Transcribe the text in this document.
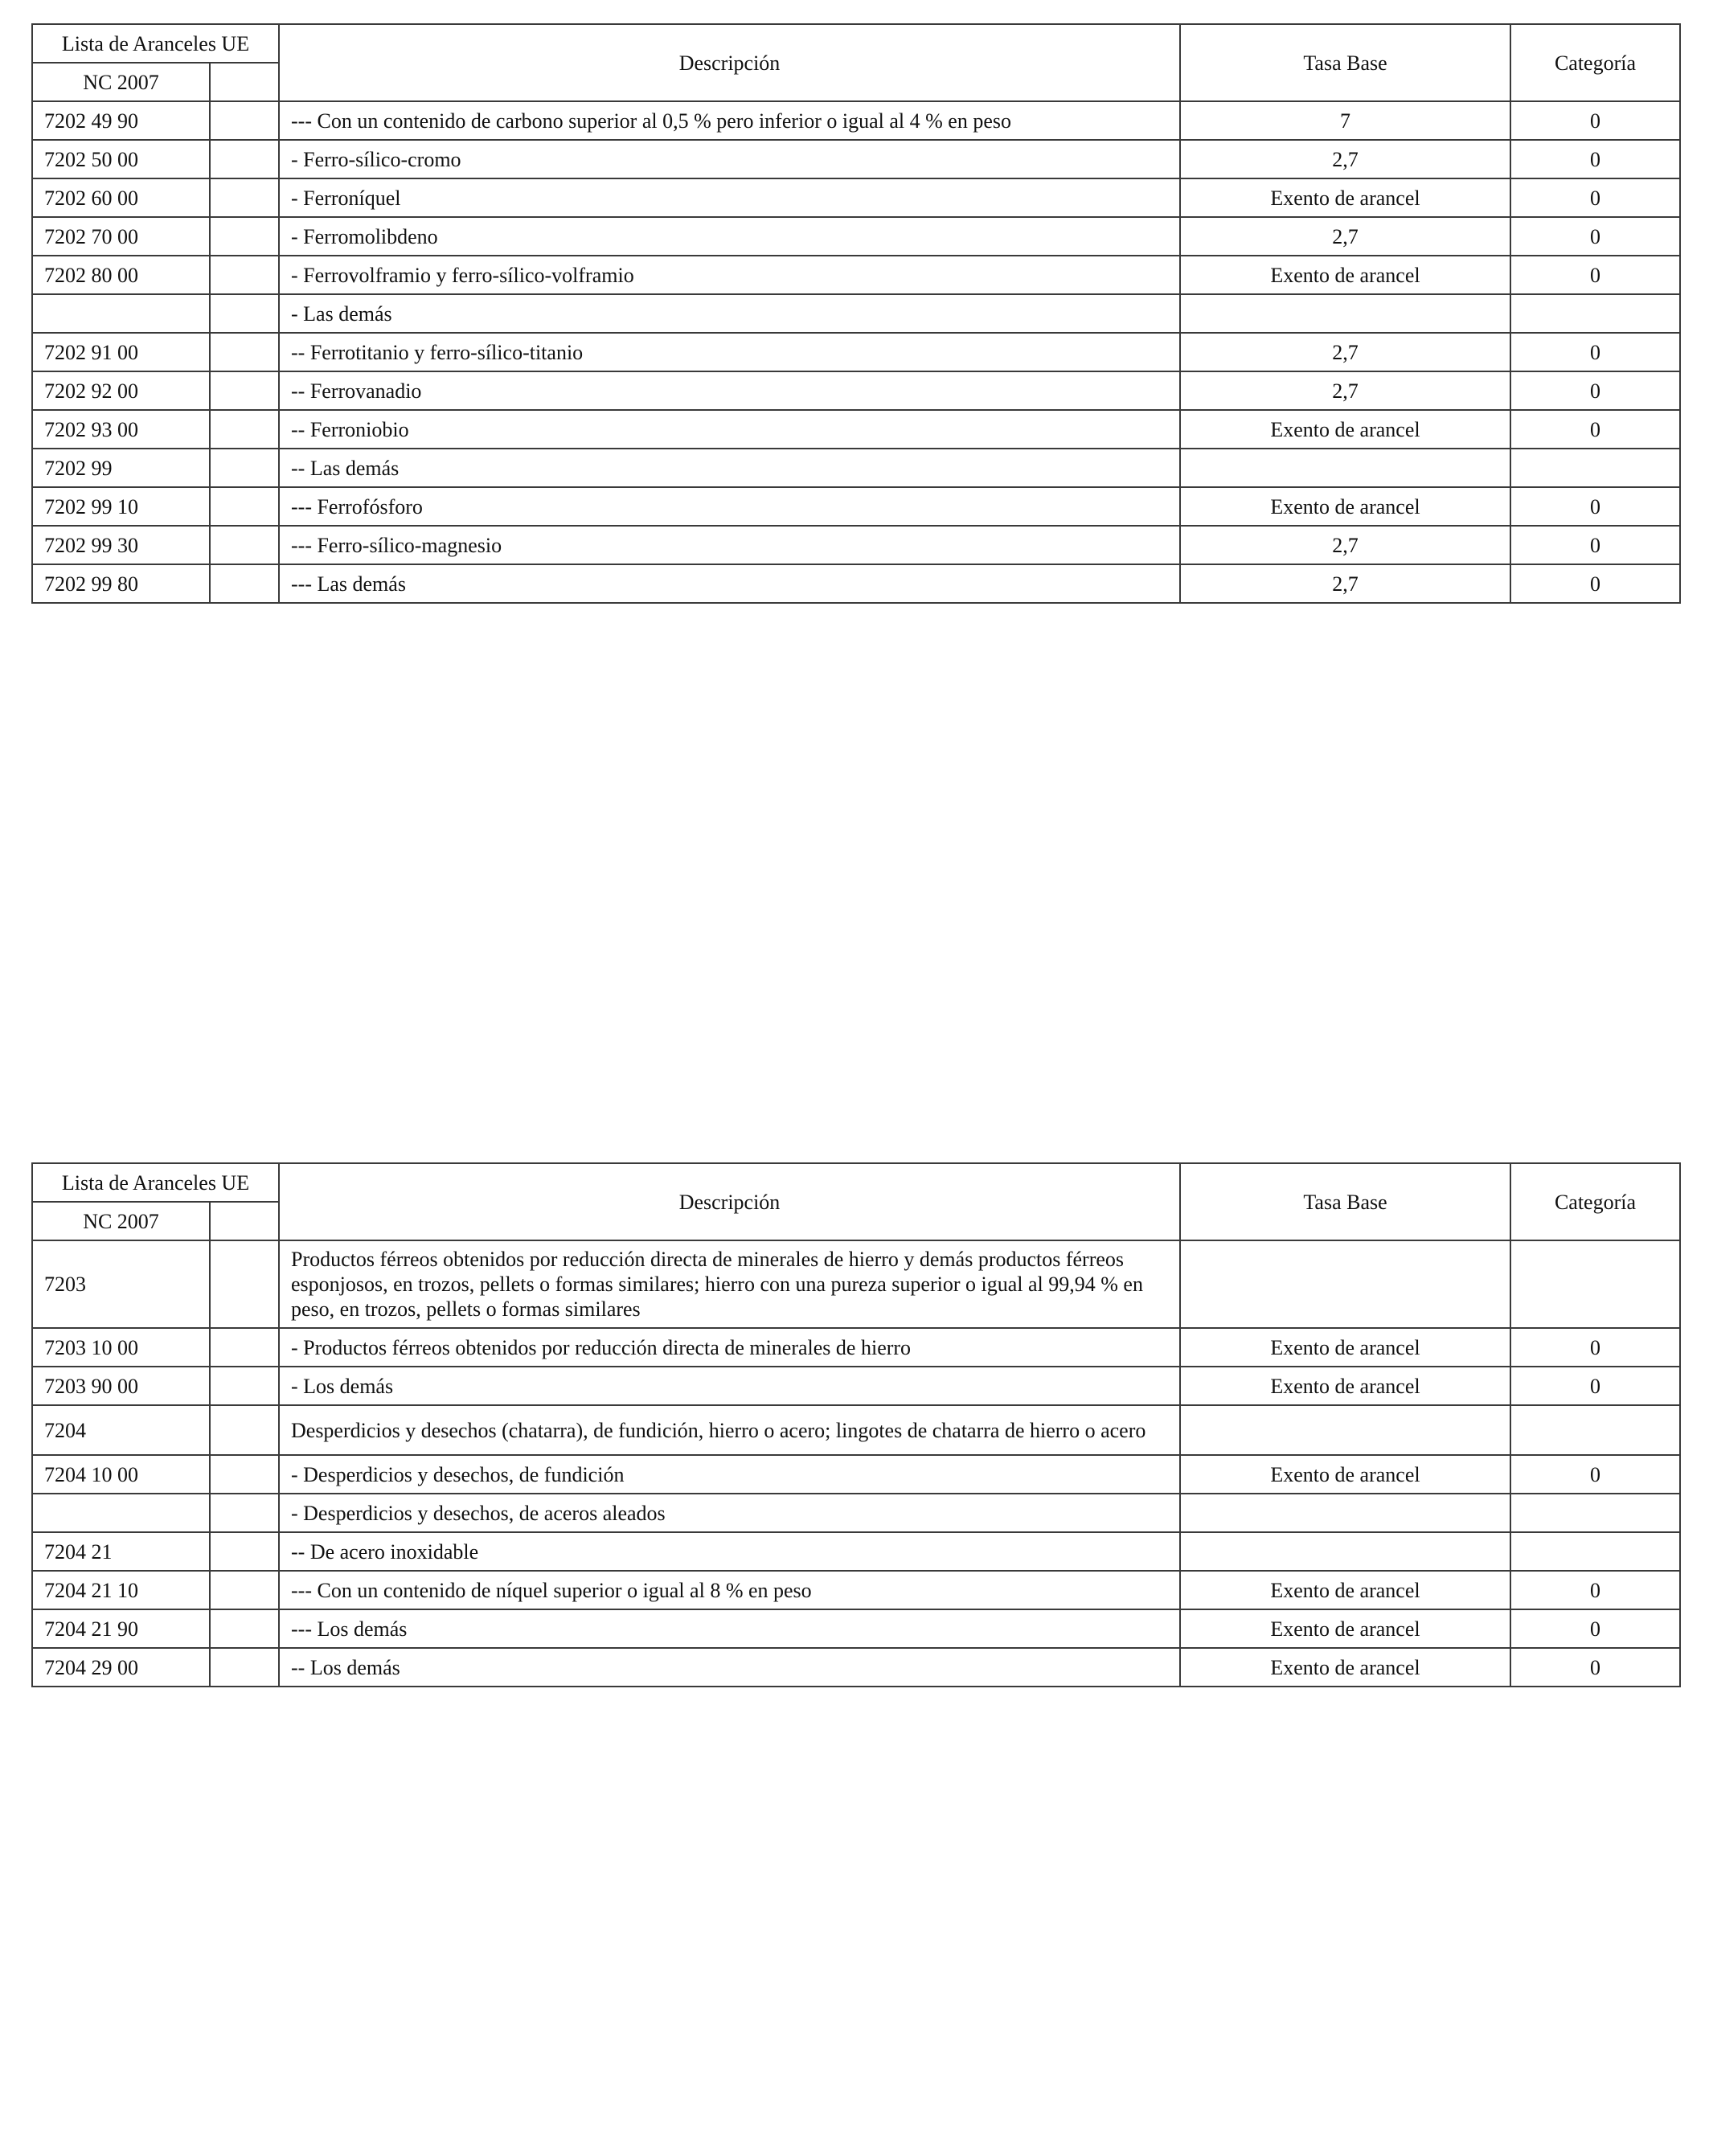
Lista de Aranceles UE		Descripción	Tasa Base	Categoría
NC 2007				
7202 49 90		--- Con un contenido de carbono superior al 0,5 % pero inferior o igual al 4 % en peso	7	0
7202 50 00		- Ferro-sílico-cromo	2,7	0
7202 60 00		- Ferroníquel	Exento de arancel	0
7202 70 00		- Ferromolibdeno	2,7	0
7202 80 00		- Ferrovolframio y ferro-sílico-volframio	Exento de arancel	0
		- Las demás		
7202 91 00		-- Ferrotitanio y ferro-sílico-titanio	2,7	0
7202 92 00		-- Ferrovanadio	2,7	0
7202 93 00		-- Ferroniobio	Exento de arancel	0
7202 99		-- Las demás		
7202 99 10		--- Ferrofósforo	Exento de arancel	0
7202 99 30		--- Ferro-sílico-magnesio	2,7	0
7202 99 80		--- Las demás	2,7	0
Lista de Aranceles UE		Descripción	Tasa Base	Categoría
NC 2007				
7203		Productos férreos obtenidos por reducción directa de minerales de hierro y demás productos férreos esponjosos, en trozos, pellets o formas similares; hierro con una pureza superior o igual al 99,94 % en peso, en trozos, pellets o formas similares		
7203 10 00		- Productos férreos obtenidos por reducción directa de minerales de hierro	Exento de arancel	0
7203 90 00		- Los demás	Exento de arancel	0
7204		Desperdicios y desechos (chatarra), de fundición, hierro o acero; lingotes de chatarra de hierro o acero		
7204 10 00		- Desperdicios y desechos, de fundición	Exento de arancel	0
		- Desperdicios y desechos, de aceros aleados		
7204 21		-- De acero inoxidable		
7204 21 10		--- Con un contenido de níquel superior o igual al 8 % en peso	Exento de arancel	0
7204 21 90		--- Los demás	Exento de arancel	0
7204 29 00		-- Los demás	Exento de arancel	0
